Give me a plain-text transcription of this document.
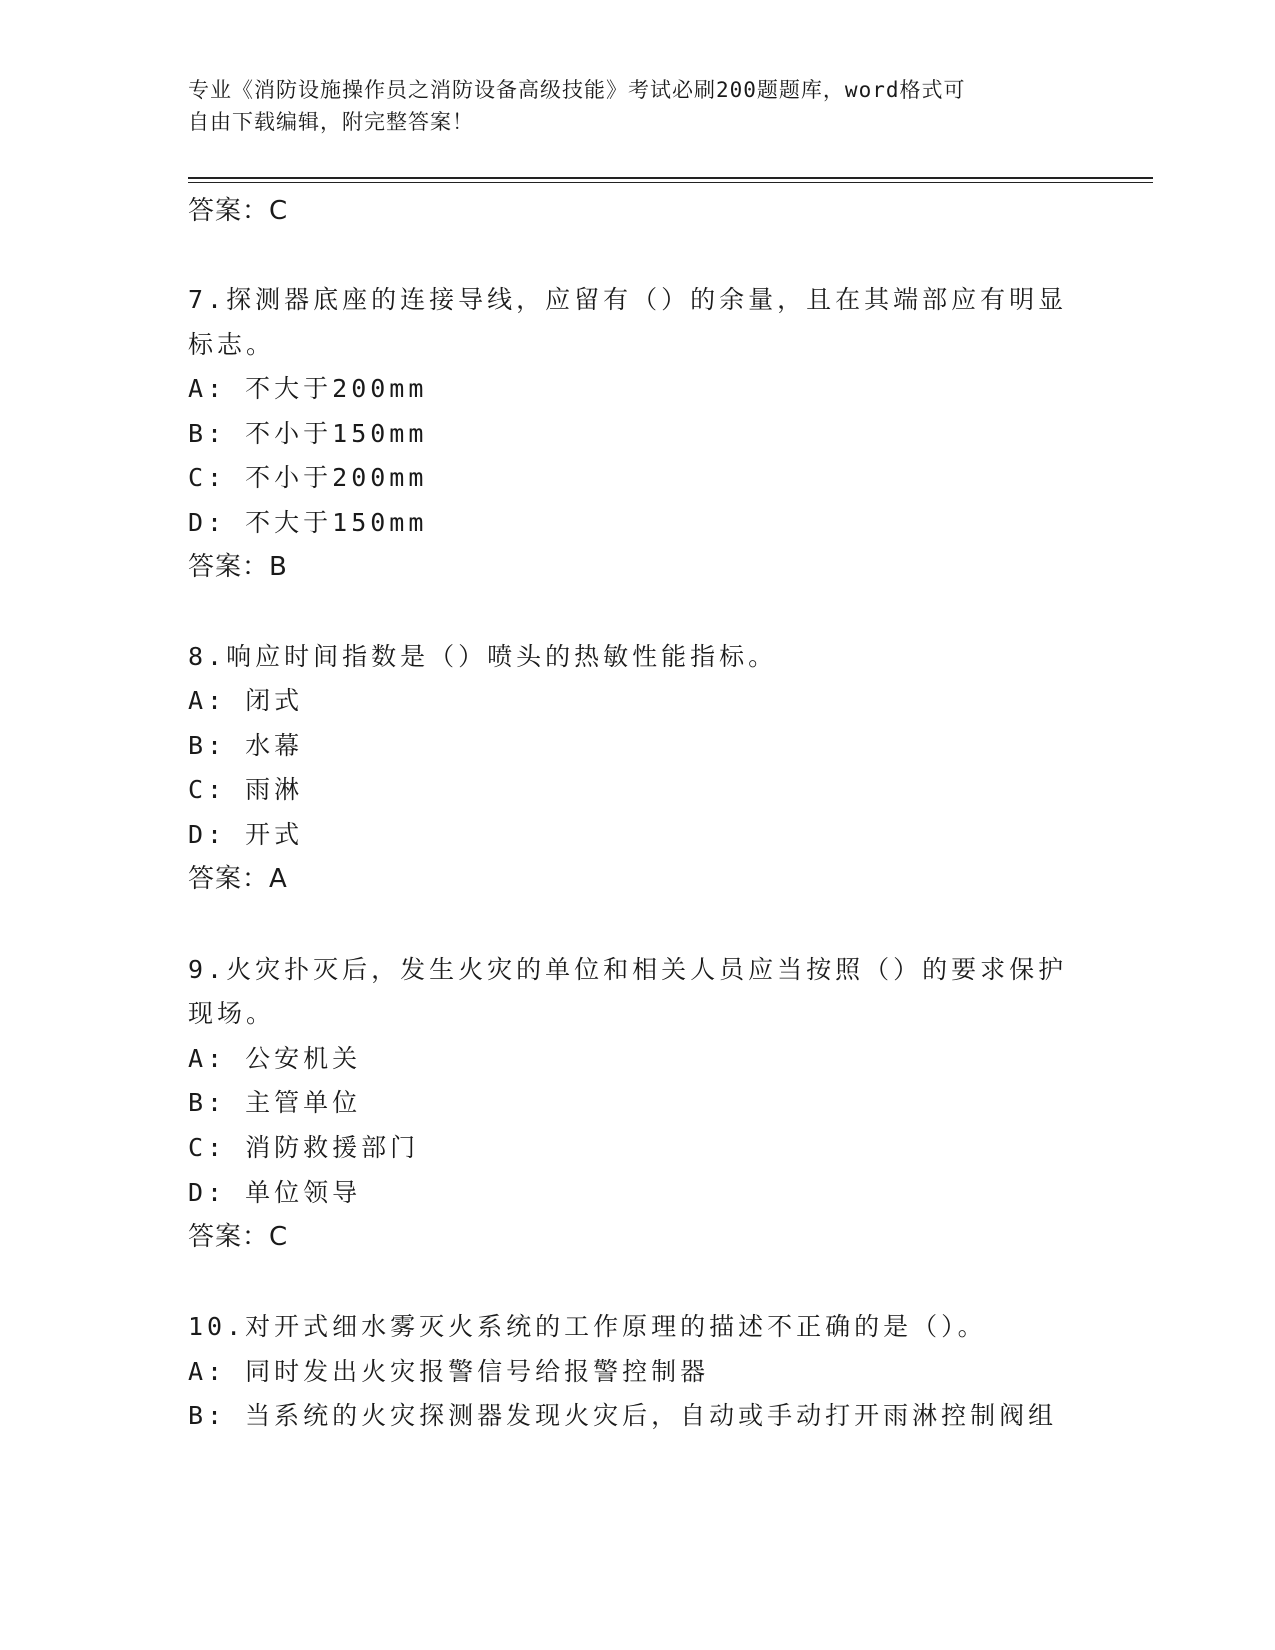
专业《消防设施操作员之消防设备高级技能》考试必刷200题题库，word格式可
自由下载编辑，附完整答案！
答案：C
7.探测器底座的连接导线，应留有（）的余量，且在其端部应有明显
标志。
A: 不大于200mm
B: 不小于150mm
C: 不小于200mm
D: 不大于150mm
答案：B
8.响应时间指数是（）喷头的热敏性能指标。
A: 闭式
B: 水幕
C: 雨淋
D: 开式
答案：A
9.火灾扑灭后，发生火灾的单位和相关人员应当按照（）的要求保护
现场。
A: 公安机关
B: 主管单位
C: 消防救援部门
D: 单位领导
答案：C
10.对开式细水雾灭火系统的工作原理的描述不正确的是（）。
A: 同时发出火灾报警信号给报警控制器
B: 当系统的火灾探测器发现火灾后，自动或手动打开雨淋控制阀组
